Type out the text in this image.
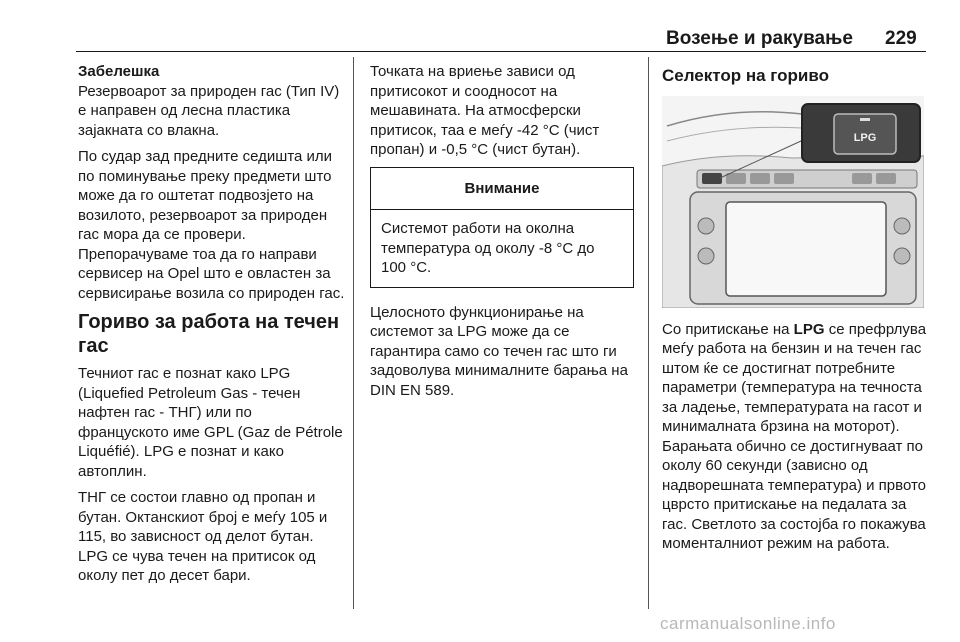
Возење и ракување 229
Забелешка

Резервоарот за природен гас (Тип IV) е направен од лесна пластика зајакната со влакна.

По судар зад предните седишта или по поминување преку предмети што може да го оштетат подвозјето на возилото, резервоарот за природен гас мора да се провери. Препорачуваме тоа да го направи сервисер на Opel што е овластен за сервисирање возила со природен гас.

Гориво за работа на течен гас

Течниот гас е познат како LPG (Liquefied Petroleum Gas - течен нафтен гас - ТНГ) или по францускoто име GPL (Gaz de Pétrole Liquéfié). LPG е познат и како автоплин.

ТНГ се состои главно од пропан и бутан. Октанскиот број е меѓу 105 и 115, во зависност од делот бутан. LPG се чува течен на притисок од околу пет до десет бари.

Точката на вриење зависи од притисокот и соодносот на мешавината. На атмосферски притисок, таа е меѓу -42 °C (чист пропан) и -0,5 °C (чист бутан).

Внимание
Системот работи на околна температура од околу -8 °C до 100 °C.

Целосното функционирање на системот за LPG може да се гарантира само со течен гас што ги задоволува минималните барања на DIN EN 589.

Селектор на гориво
LPG

Со притискање на LPG се префрлува меѓу работа на бензин и на течен гас штом ќе се достигнат потребните параметри (температура на течноста за ладење, температурата на гасот и минималната брзина на моторот). Барањата обично се достигнуваат по околу 60 секунди (зависно од надворешната температура) и првото цврсто притискање на педалата за гас. Светлото за состојба го покажува моменталниот режим на работа.

carmanualsonline.info
